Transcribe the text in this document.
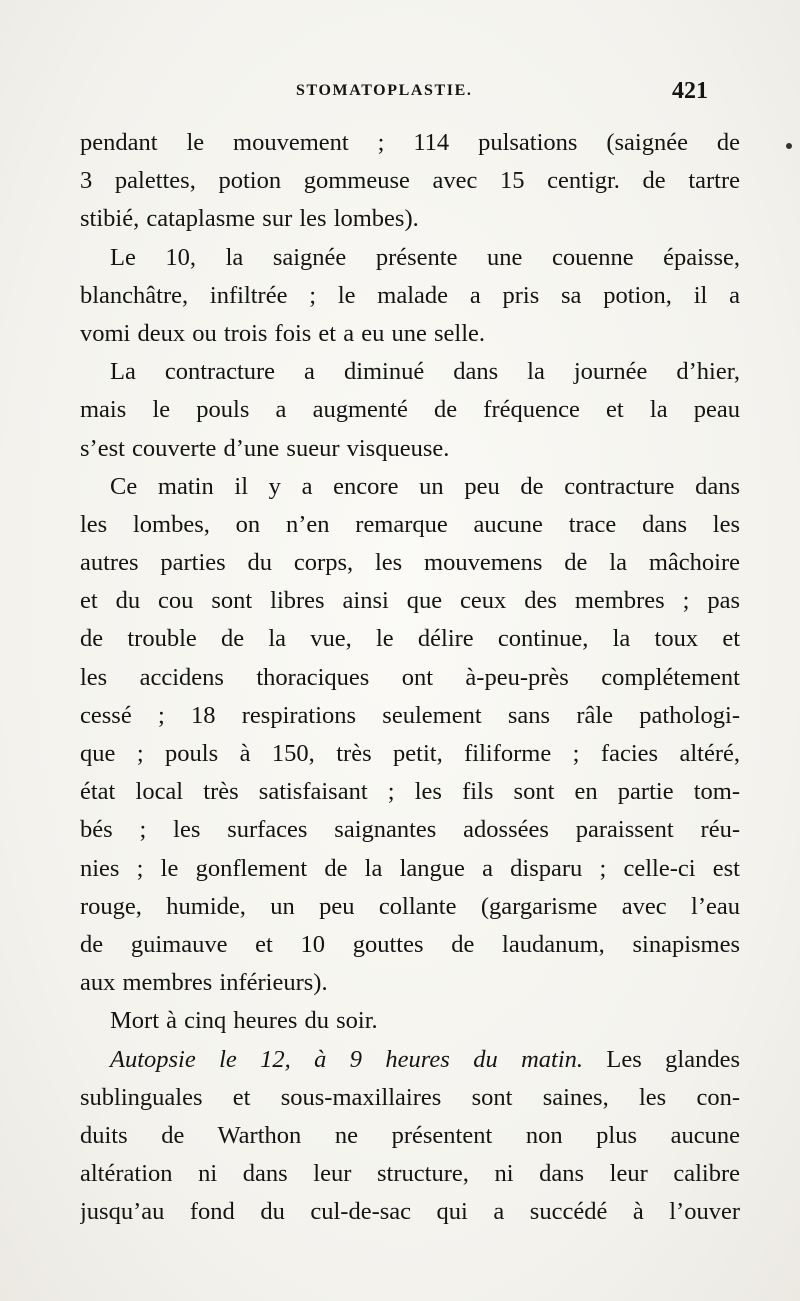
STOMATOPLASTIE.	421

pendant le mouvement ; 114 pulsations (saignée de
3 palettes, potion gommeuse avec 15 centigr. de tartre
stibié, cataplasme sur les lombes).

Le 10, la saignée présente une couenne épaisse,
blanchâtre, infiltrée ; le malade a pris sa potion, il a
vomi deux ou trois fois et a eu une selle.

La contracture a diminué dans la journée d’hier,
mais le pouls a augmenté de fréquence et la peau
s’est couverte d’une sueur visqueuse.

Ce matin il y a encore un peu de contracture dans
les lombes, on n’en remarque aucune trace dans les
autres parties du corps, les mouvemens de la mâchoire
et du cou sont libres ainsi que ceux des membres ; pas
de trouble de la vue, le délire continue, la toux et
les accidens thoraciques ont à-peu-près complétement
cessé ; 18 respirations seulement sans râle pathologi-
que ; pouls à 150, très petit, filiforme ; facies altéré,
état local très satisfaisant ; les fils sont en partie tom-
bés ; les surfaces saignantes adossées paraissent réu-
nies ; le gonflement de la langue a disparu ; celle-ci est
rouge, humide, un peu collante (gargarisme avec l’eau
de guimauve et 10 gouttes de laudanum, sinapismes
aux membres inférieurs).

Mort à cinq heures du soir.

Autopsie le 12, à 9 heures du matin. Les glandes
sublinguales et sous-maxillaires sont saines, les con-
duits de Warthon ne présentent non plus aucune
altération ni dans leur structure, ni dans leur calibre
jusqu’au fond du cul-de-sac qui a succédé à l’ouver
